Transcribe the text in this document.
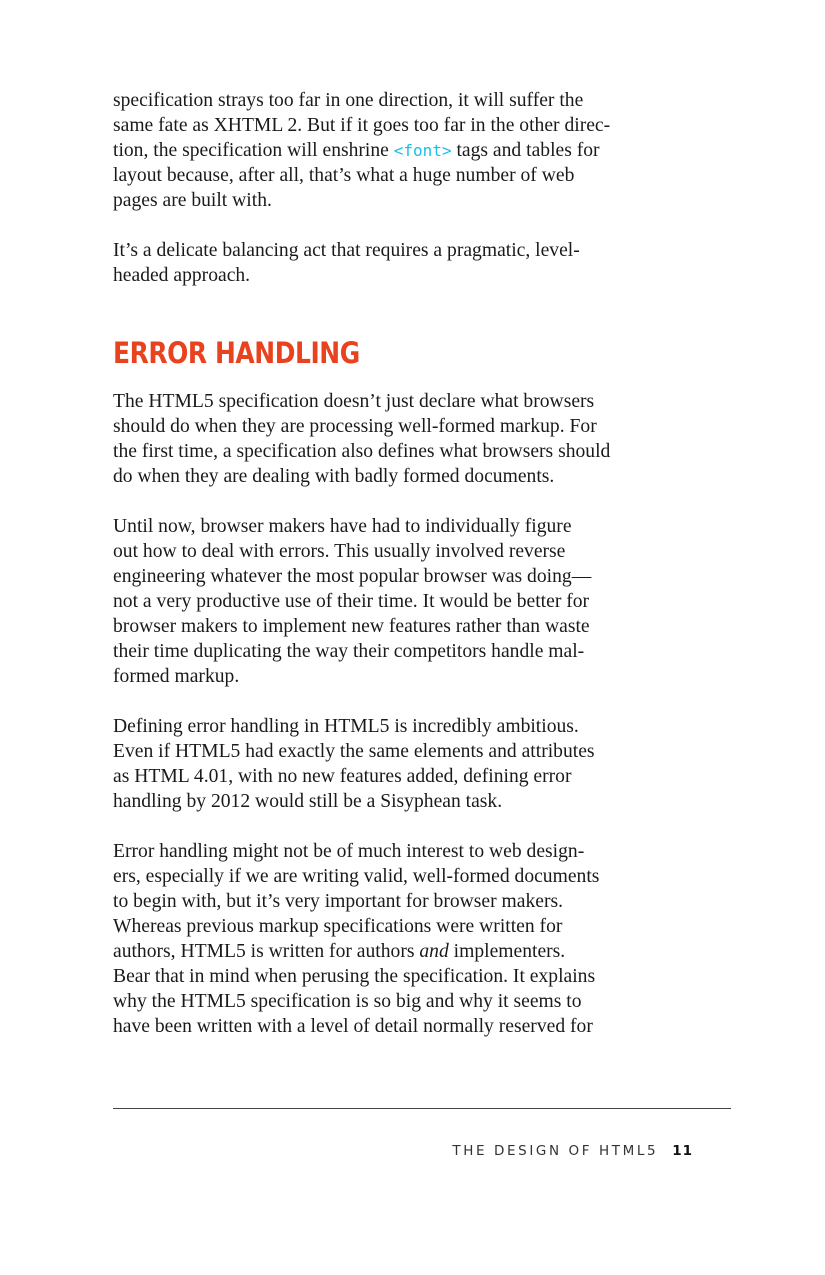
specification strays too far in one direction, it will suffer the
same fate as XHTML 2. But if it goes too far in the other direc-
tion, the specification will enshrine <font> tags and tables for
layout because, after all, that’s what a huge number of web
pages are built with.
It’s a delicate balancing act that requires a pragmatic, level-
headed approach.
ERROR HANDLING
The HTML5 specification doesn’t just declare what browsers
should do when they are processing well-formed markup. For
the first time, a specification also defines what browsers should
do when they are dealing with badly formed documents.
Until now, browser makers have had to individually figure
out how to deal with errors. This usually involved reverse
engineering whatever the most popular browser was doing—
not a very productive use of their time. It would be better for
browser makers to implement new features rather than waste
their time duplicating the way their competitors handle mal-
formed markup.
Defining error handling in HTML5 is incredibly ambitious.
Even if HTML5 had exactly the same elements and attributes
as HTML 4.01, with no new features added, defining error
handling by 2012 would still be a Sisyphean task.
Error handling might not be of much interest to web design-
ers, especially if we are writing valid, well-formed documents
to begin with, but it’s very important for browser makers.
Whereas previous markup specifications were written for
authors, HTML5 is written for authors and implementers.
Bear that in mind when perusing the specification. It explains
why the HTML5 specification is so big and why it seems to
have been written with a level of detail normally reserved for
THE DESIGN OF HTML5 11
